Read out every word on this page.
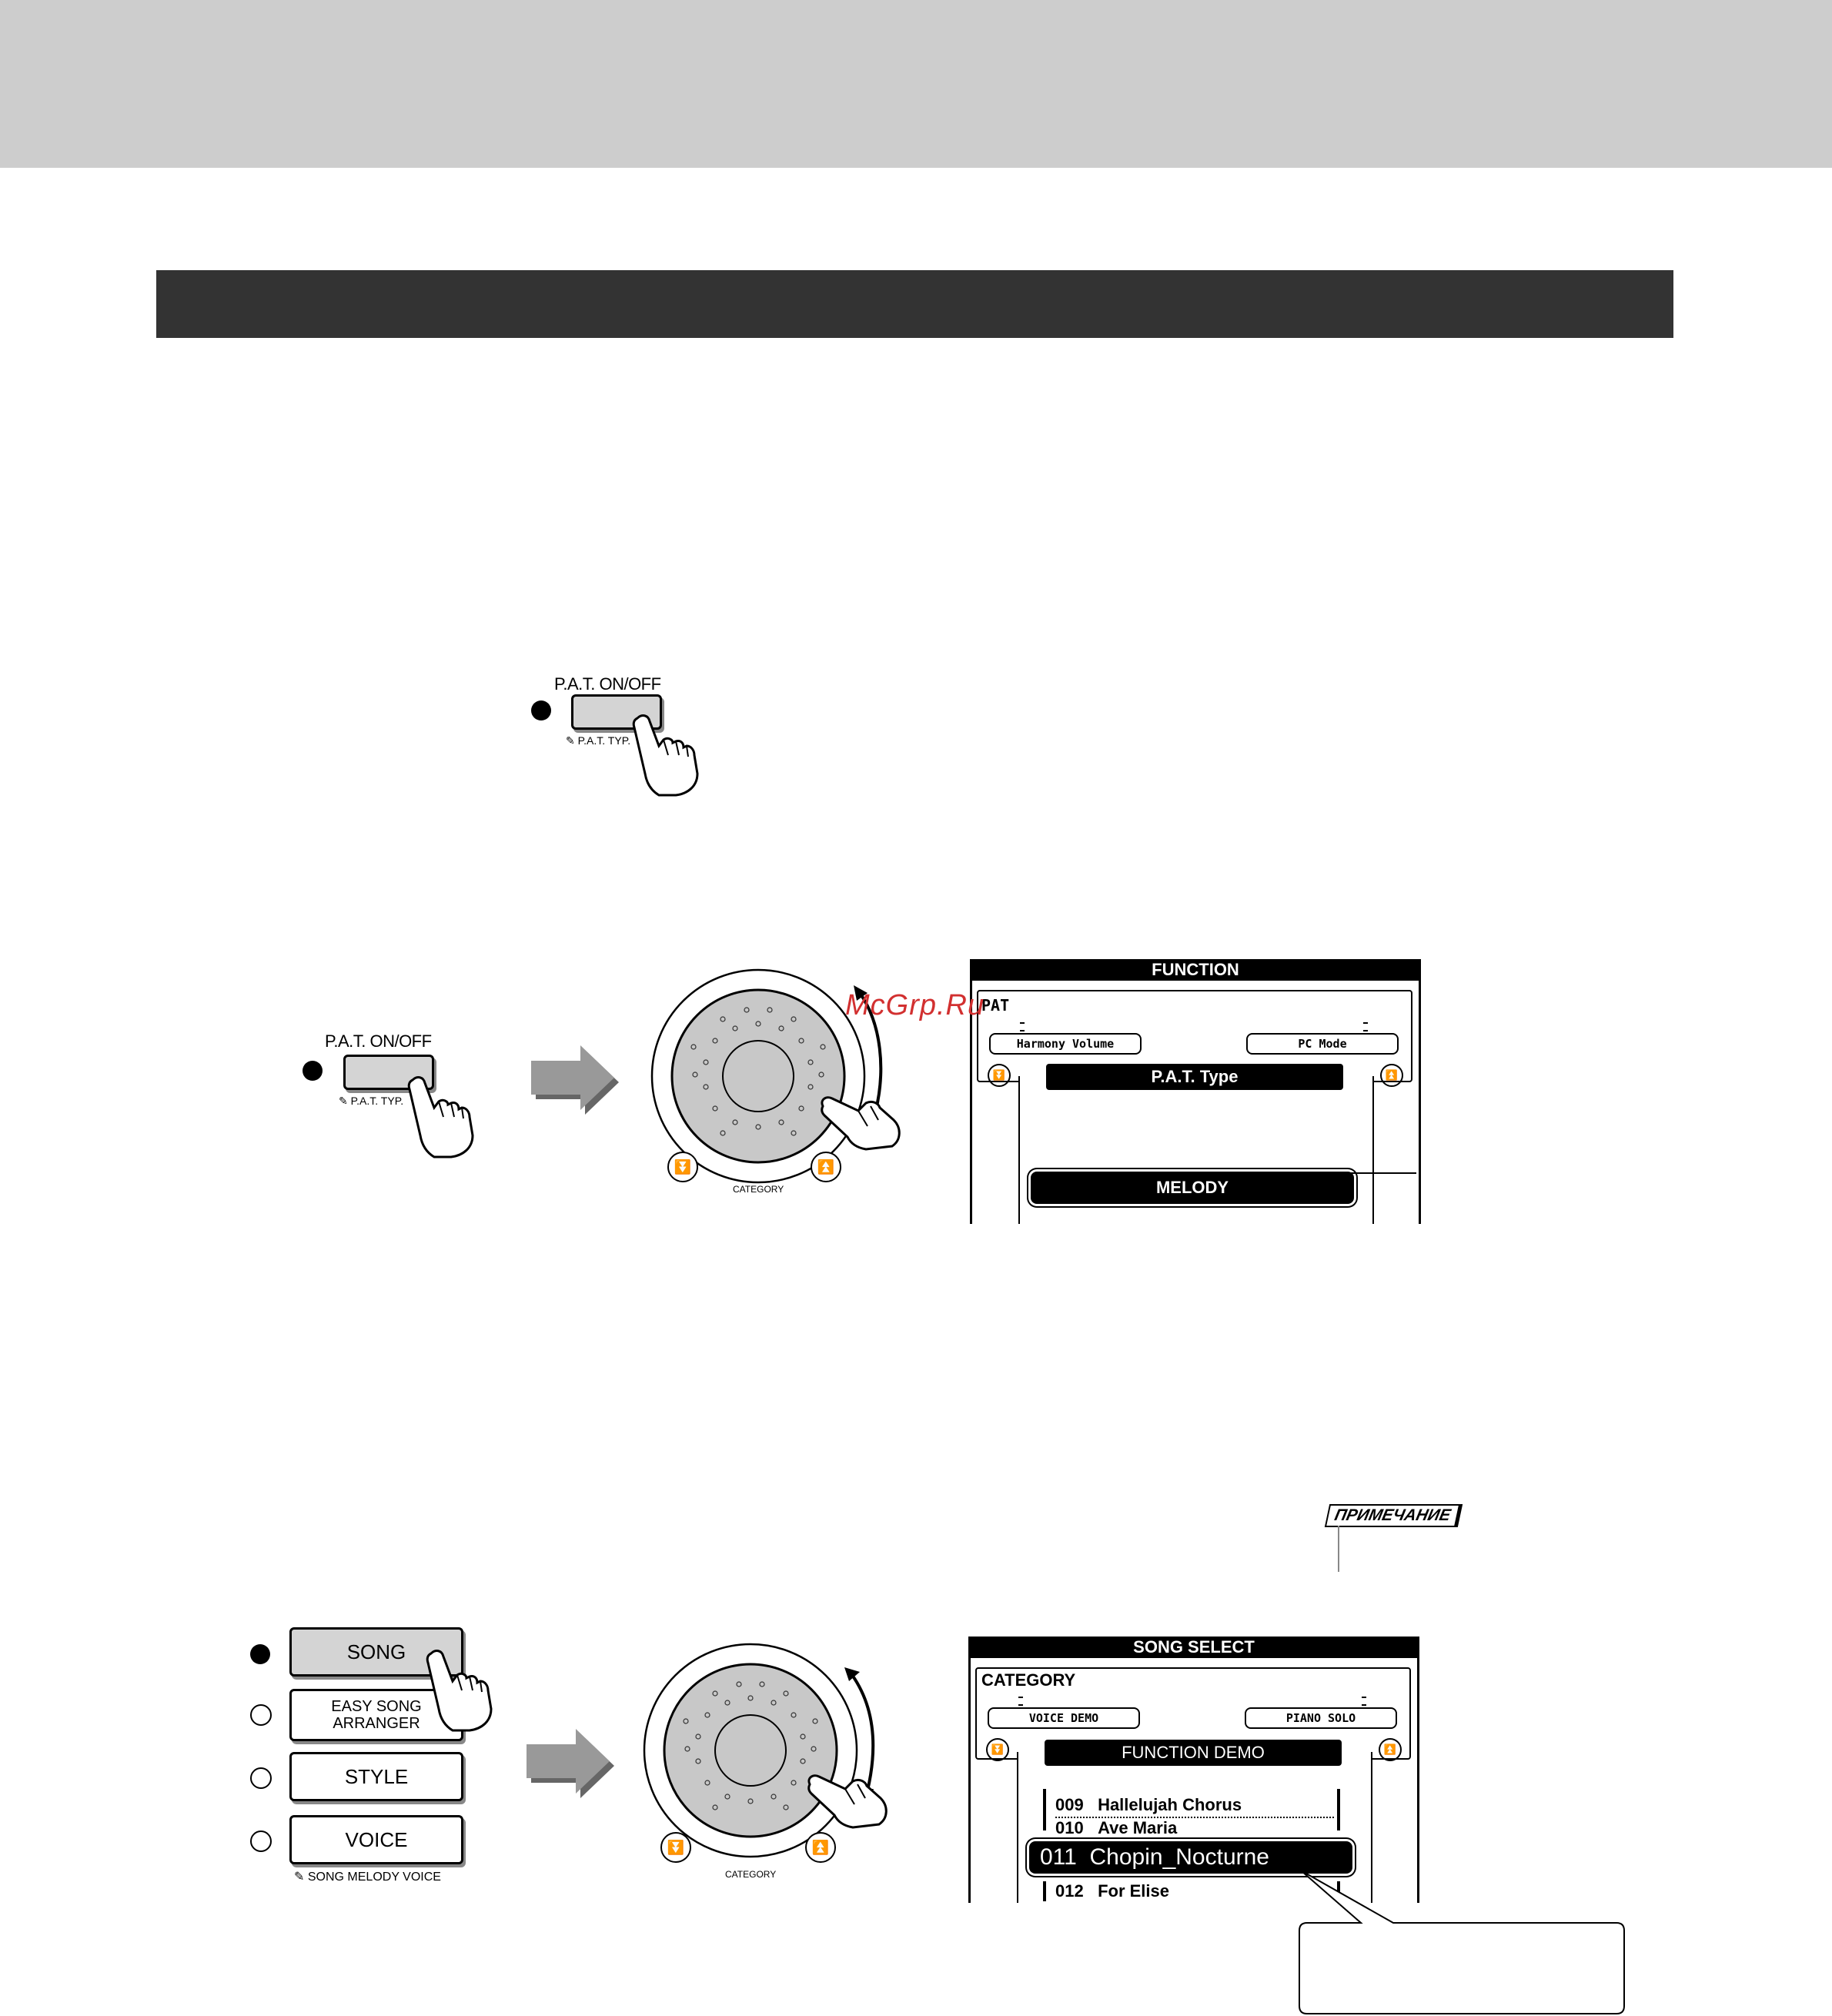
P.A.T. ON/OFF
✎ P.A.T. TYP.
P.A.T. ON/OFF
✎ P.A.T. TYP.
⏬	⏫
CATEGORY
FUNCTION
PAT
Harmony Volume	PC Mode
⏬	⏫
P.A.T. Type
MELODY
ПРИМЕЧАНИЕ
SONG
EASY SONG ARRANGER
STYLE
VOICE
✎ SONG MELODY VOICE
⏬	⏫
CATEGORY
SONG SELECT
CATEGORY
VOICE DEMO	PIANO SOLO
⏬	⏫
FUNCTION DEMO
009 Hallelujah Chorus
010 Ave Maria
011 Chopin_Nocturne
012 For Elise
McGrp.Ru
